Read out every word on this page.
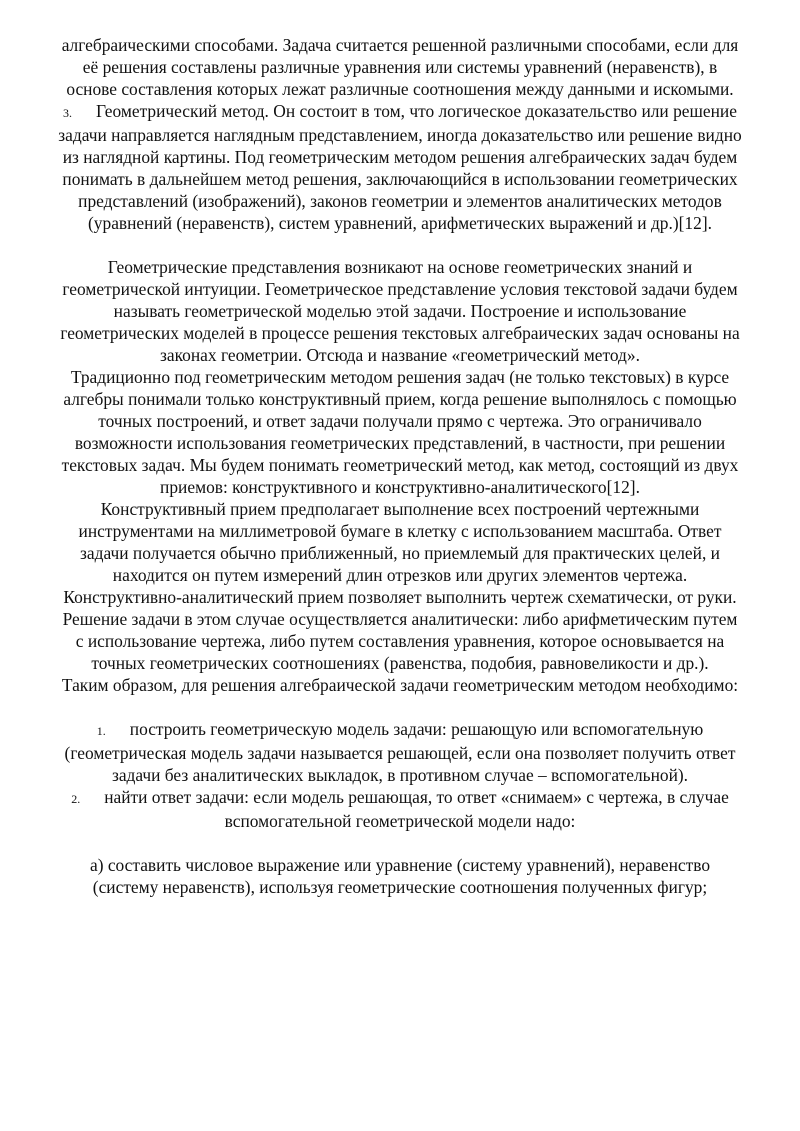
алгебраическими способами. Задача считается решенной различными способами, если для её решения составлены различные уравнения или системы уравнений (неравенств), в основе составления которых лежат различные соотношения между данными и искомыми.

3. Геометрический метод. Он состоит в том, что логическое доказательство или решение задачи направляется наглядным представлением, иногда доказательство или решение видно из наглядной картины. Под геометрическим методом решения алгебраических задач будем понимать в дальнейшем метод решения, заключающийся в использовании геометрических представлений (изображений), законов геометрии и элементов аналитических методов (уравнений (неравенств), систем уравнений, арифметических выражений и др.)[12].

Геометрические представления возникают на основе геометрических знаний и геометрической интуиции. Геометрическое представление условия текстовой задачи будем называть геометрической моделью этой задачи. Построение и использование геометрических моделей в процессе решения текстовых алгебраических задач основаны на законах геометрии. Отсюда и название «геометрический метод».

Традиционно под геометрическим методом решения задач (не только текстовых) в курсе алгебры понимали только конструктивный прием, когда решение выполнялось с помощью точных построений, и ответ задачи получали прямо с чертежа. Это ограничивало возможности использования геометрических представлений, в частности, при решении текстовых задач. Мы будем понимать геометрический метод, как метод, состоящий из двух приемов: конструктивного и конструктивно-аналитического[12].

Конструктивный прием предполагает выполнение всех построений чертежными инструментами на миллиметровой бумаге в клетку с использованием масштаба. Ответ задачи получается обычно приближенный, но приемлемый для практических целей, и находится он путем измерений длин отрезков или других элементов чертежа.

Конструктивно-аналитический прием позволяет выполнить чертеж схематически, от руки. Решение задачи в этом случае осуществляется аналитически: либо арифметическим путем с использование чертежа, либо путем составления уравнения, которое основывается на точных геометрических соотношениях (равенства, подобия, равновеликости и др.).

Таким образом, для решения алгебраической задачи геометрическим методом необходимо:

1. построить геометрическую модель задачи: решающую или вспомогательную (геометрическая модель задачи называется решающей, если она позволяет получить ответ задачи без аналитических выкладок, в противном случае – вспомогательной).

2. найти ответ задачи: если модель решающая, то ответ «снимаем» с чертежа, в случае вспомогательной геометрической модели надо:

а) составить числовое выражение или уравнение (систему уравнений), неравенство (систему неравенств), используя геометрические соотношения полученных фигур;
